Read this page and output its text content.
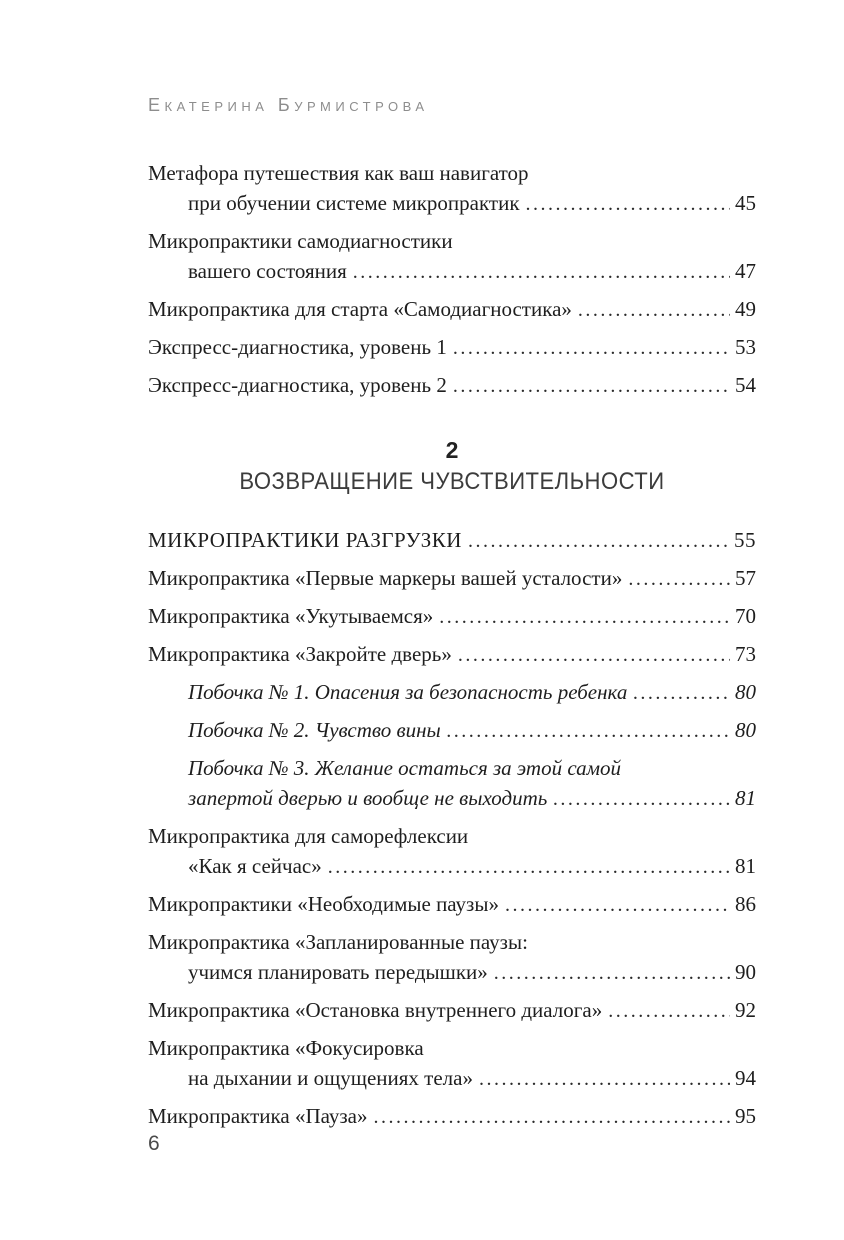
Екатерина Бурмистрова
Метафора путешествия как ваш навигатор
при обучении системе микропрактик .....	45
Микропрактики самодиагностики
вашего состояния .....	47
Микропрактика для старта «Самодиагностика» .....	49
Экспресс-диагностика, уровень 1 .....	53
Экспресс-диагностика, уровень 2 .....	54
2
ВОЗВРАЩЕНИЕ ЧУВСТВИТЕЛЬНОСТИ
МИКРОПРАКТИКИ РАЗГРУЗКИ .....	55
Микропрактика «Первые маркеры вашей усталости» .....	57
Микропрактика «Укутываемся» .....	70
Микропрактика «Закройте дверь» .....	73
Побочка № 1. Опасения за безопасность ребенка .....	80
Побочка № 2. Чувство вины .....	80
Побочка № 3. Желание остаться за этой самой
запертой дверью и вообще не выходить .....	81
Микропрактика для саморефлексии
«Как я сейчас» .....	81
Микропрактики «Необходимые паузы» .....	86
Микропрактика «Запланированные паузы:
учимся планировать передышки» .....	90
Микропрактика «Остановка внутреннего диалога» .....	92
Микропрактика «Фокусировка
на дыхании и ощущениях тела» .....	94
Микропрактика «Пауза» .....	95
6
